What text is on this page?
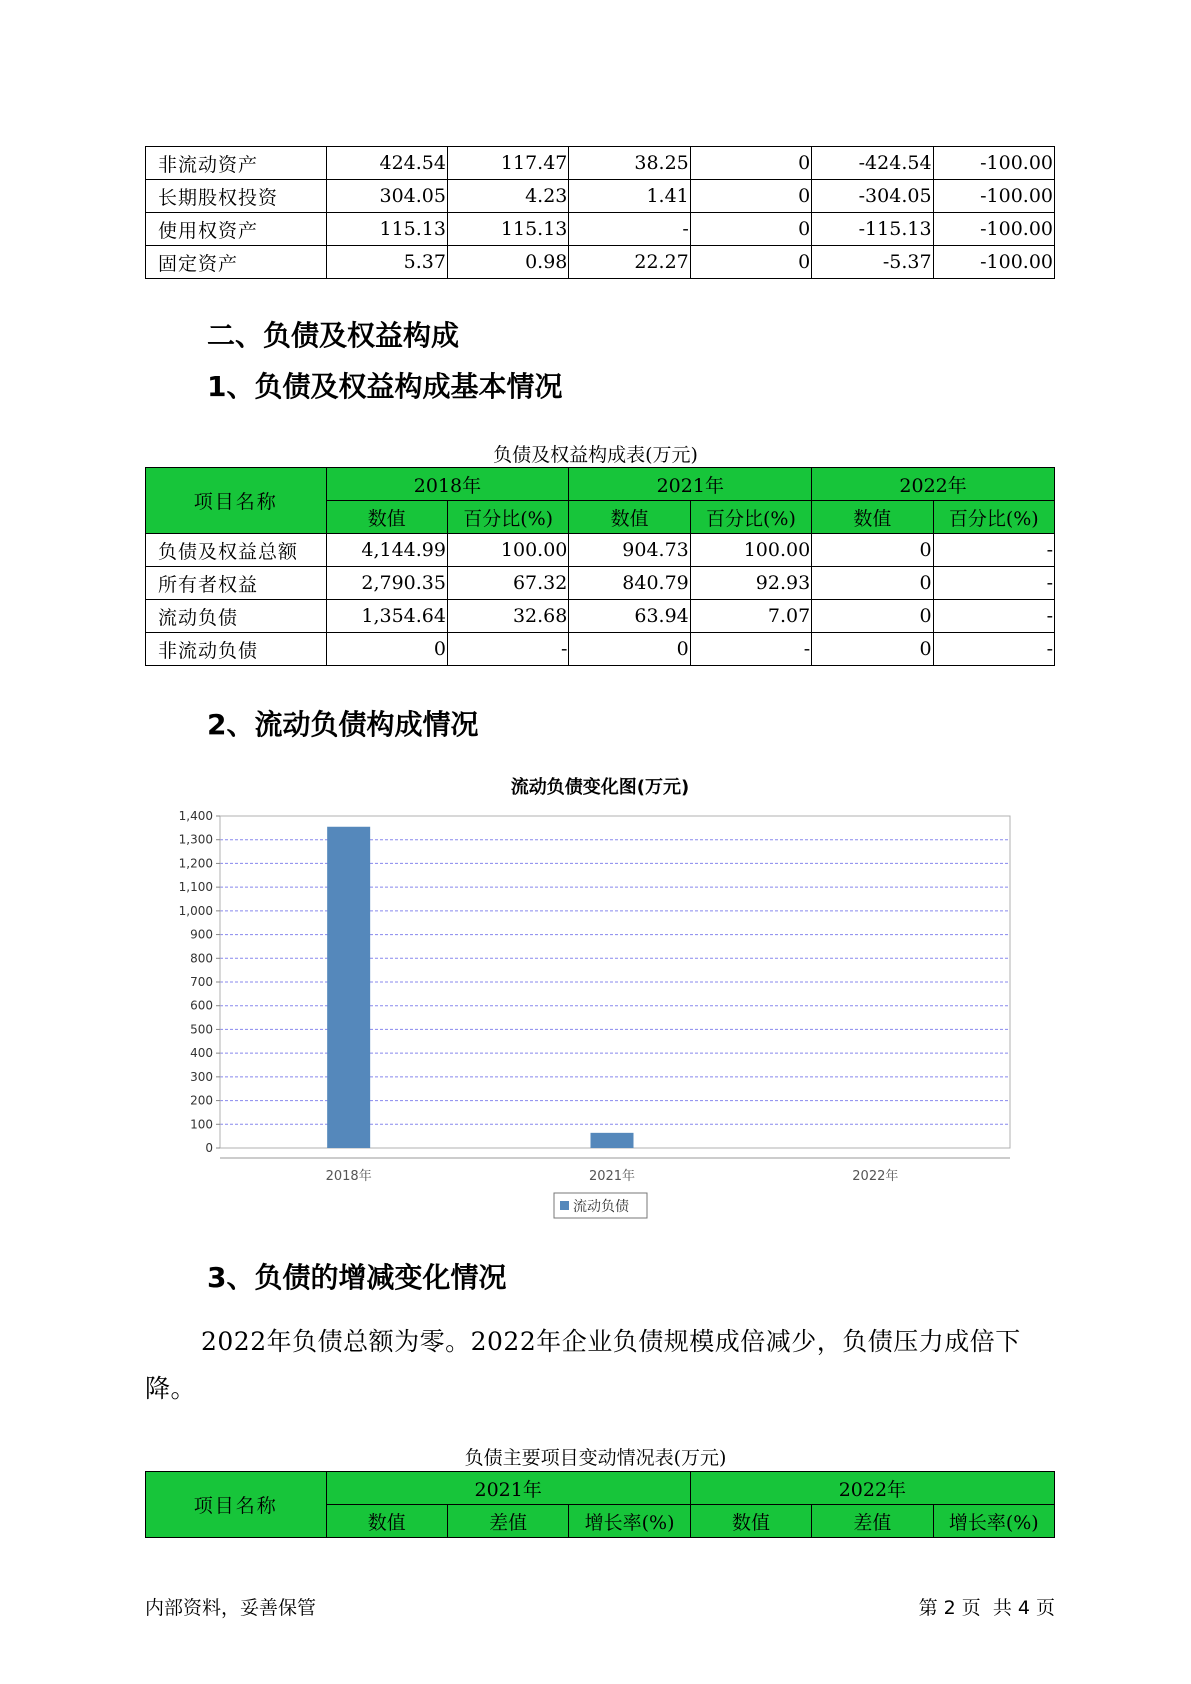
非流动资产	424.54	117.47	38.25	0	-424.54	-100.00
长期股权投资	304.05	4.23	1.41	0	-304.05	-100.00
使用权资产	115.13	115.13	-	0	-115.13	-100.00
固定资产	5.37	0.98	22.27	0	-5.37	-100.00
二、负债及权益构成
1、负债及权益构成基本情况
负债及权益构成表(万元)
项目名称	2018年		2021年		2022年	
	数值	百分比(%)	数值	百分比(%)	数值	百分比(%)
负债及权益总额	4,144.99	100.00	904.73	100.00	0	-
所有者权益	2,790.35	67.32	840.79	92.93	0	-
流动负债	1,354.64	32.68	63.94	7.07	0	-
非流动负债	0	-	0	-	0	-
2、流动负债构成情况
流动负债变化图(万元)
0
100
200
300
400
500
600
700
800
900
1,000
1,100
1,200
1,300
1,400
2018年	2021年	2022年
流动负债
3、负债的增减变化情况

2022年负债总额为零。2022年企业负债规模成倍减少，负债压力成倍下降。

负债主要项目变动情况表(万元)
项目名称	2021年			2022年		
	数值	差值	增长率(%)	数值	差值	增长率(%)
内部资料，妥善保管	第 2 页  共 4 页
